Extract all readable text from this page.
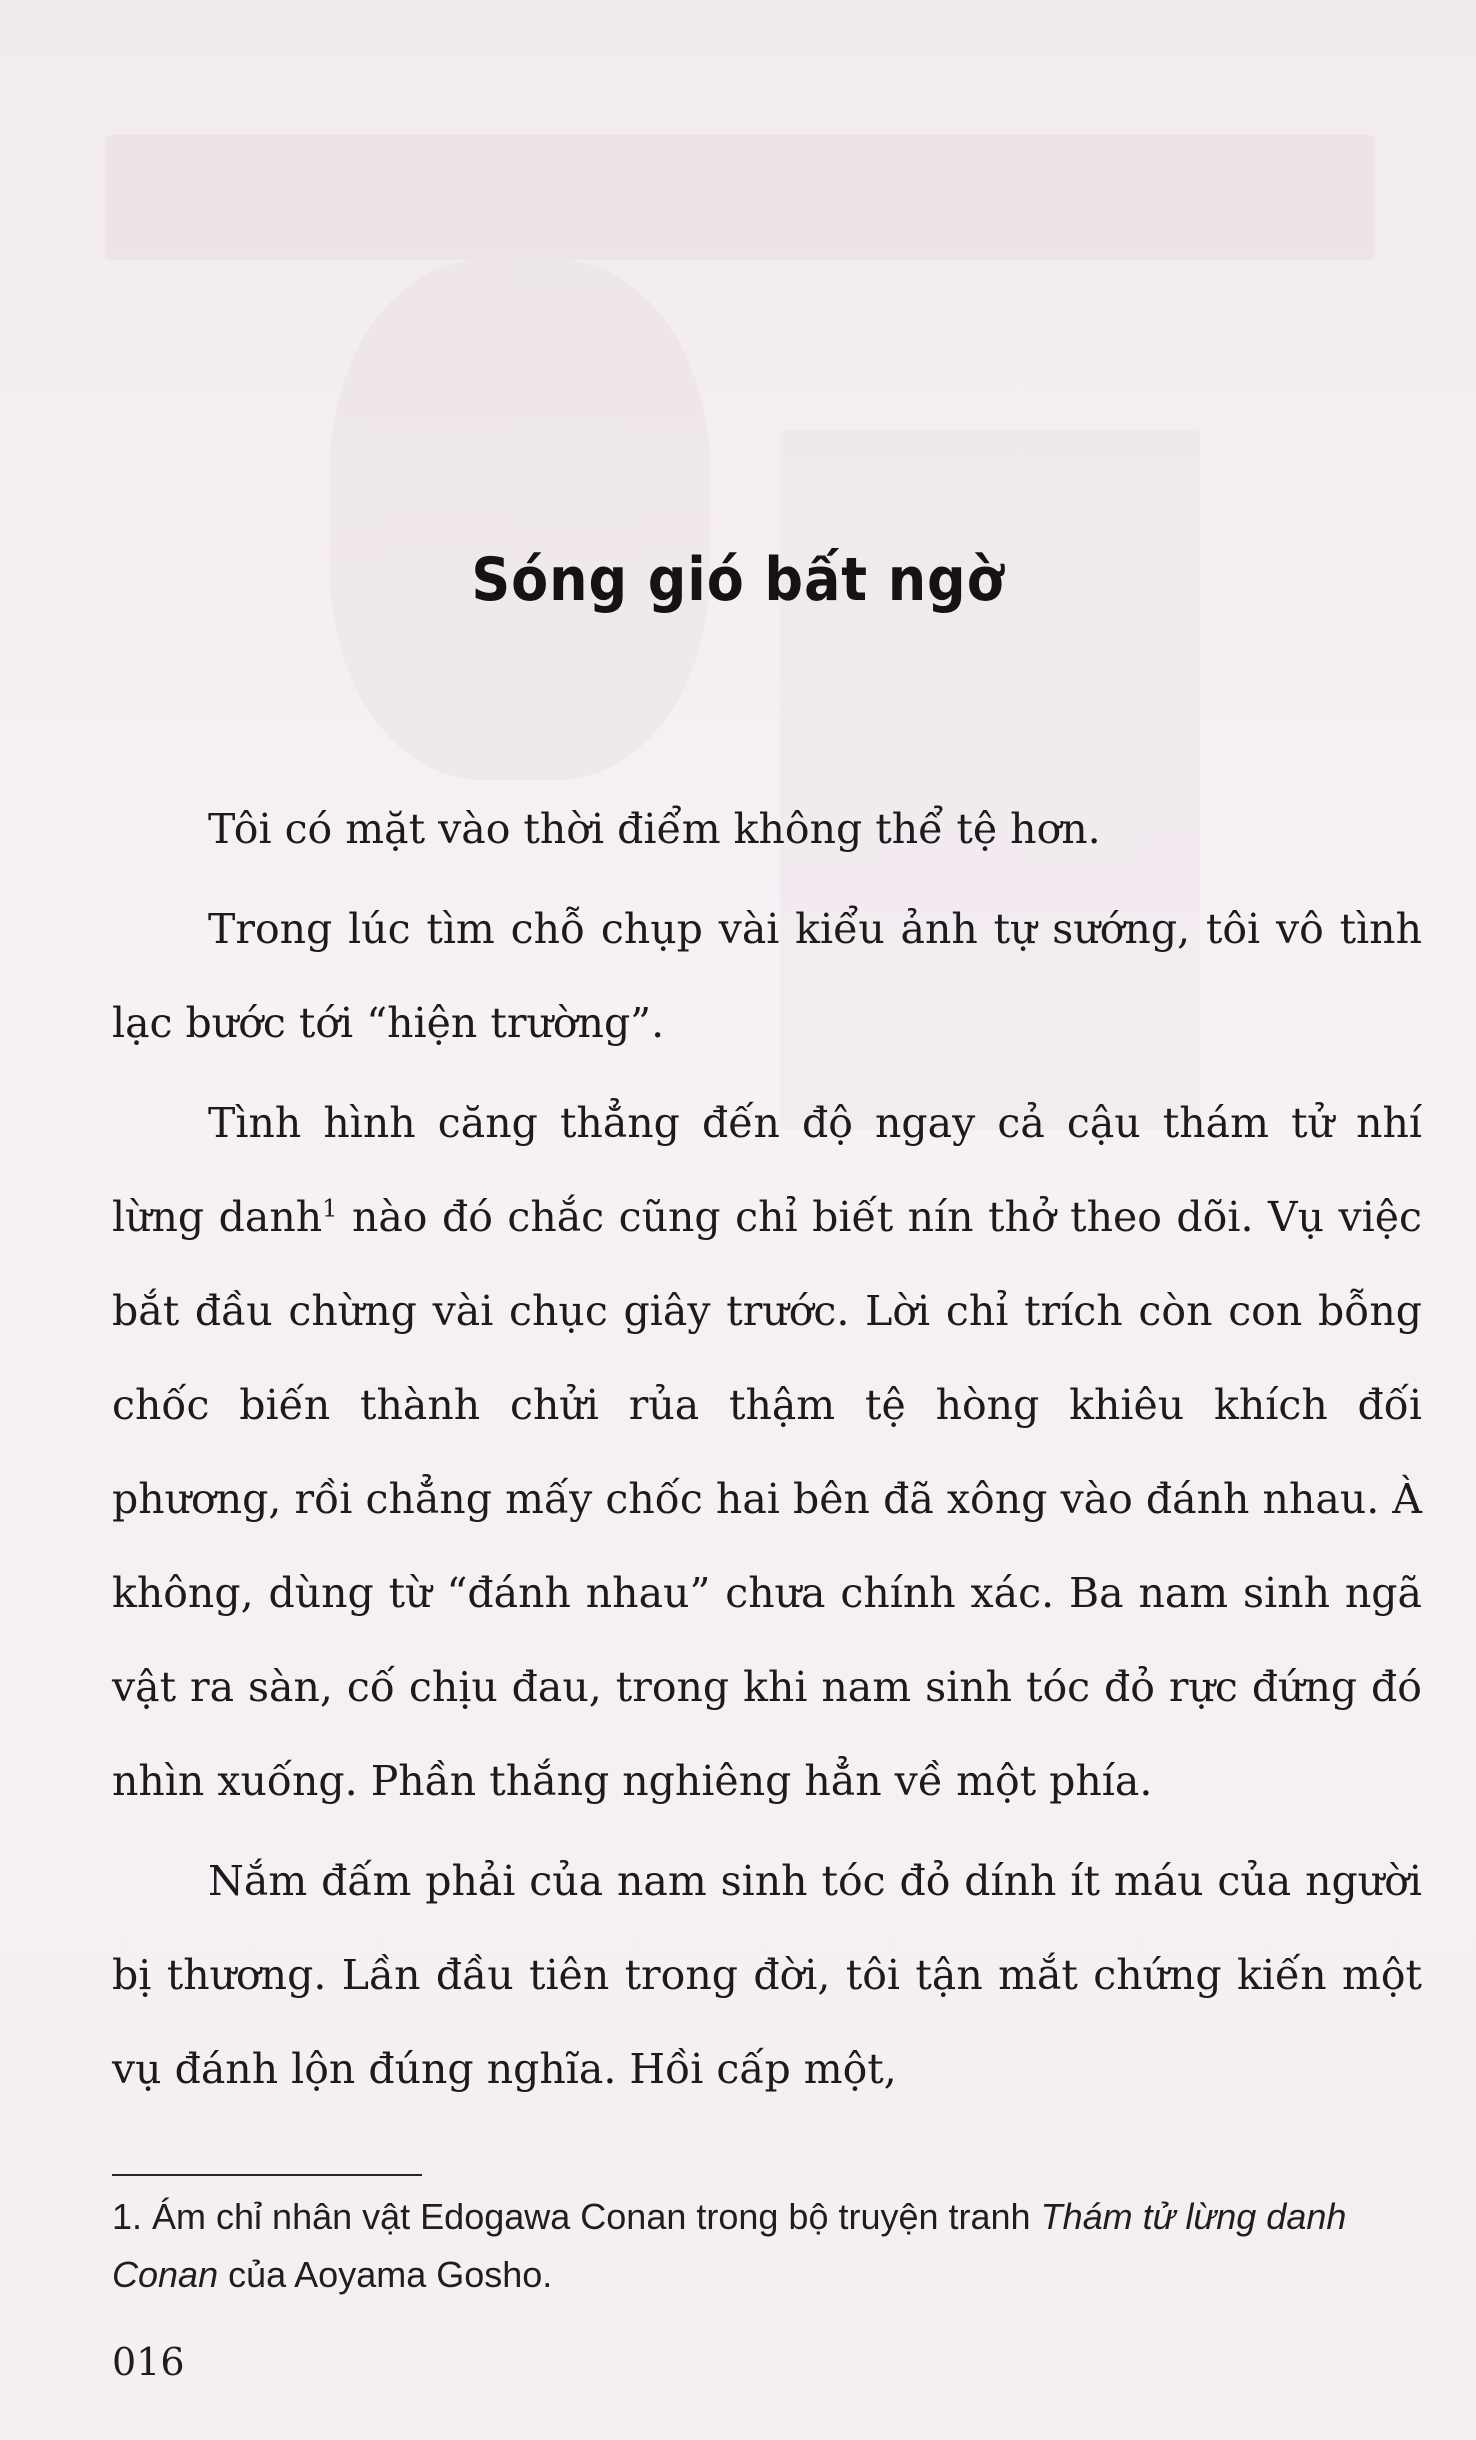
Sóng gió bất ngờ

Tôi có mặt vào thời điểm không thể tệ hơn.

Trong lúc tìm chỗ chụp vài kiểu ảnh tự sướng, tôi vô tình lạc bước tới “hiện trường”.

Tình hình căng thẳng đến độ ngay cả cậu thám tử nhí lừng danh$^1$ nào đó chắc cũng chỉ biết nín thở theo dõi. Vụ việc bắt đầu chừng vài chục giây trước. Lời chỉ trích còn con bỗng chốc biến thành chửi rủa thậm tệ hòng khiêu khích đối phương, rồi chẳng mấy chốc hai bên đã xông vào đánh nhau. À không, dùng từ “đánh nhau” chưa chính xác. Ba nam sinh ngã vật ra sàn, cố chịu đau, trong khi nam sinh tóc đỏ rực đứng đó nhìn xuống. Phần thắng nghiêng hẳn về một phía.

Nắm đấm phải của nam sinh tóc đỏ dính ít máu của người bị thương. Lần đầu tiên trong đời, tôi tận mắt chứng kiến một vụ đánh lộn đúng nghĩa. Hồi cấp một,

1. Ám chỉ nhân vật Edogawa Conan trong bộ truyện tranh Thám tử lừng danh Conan của Aoyama Gosho.
016
